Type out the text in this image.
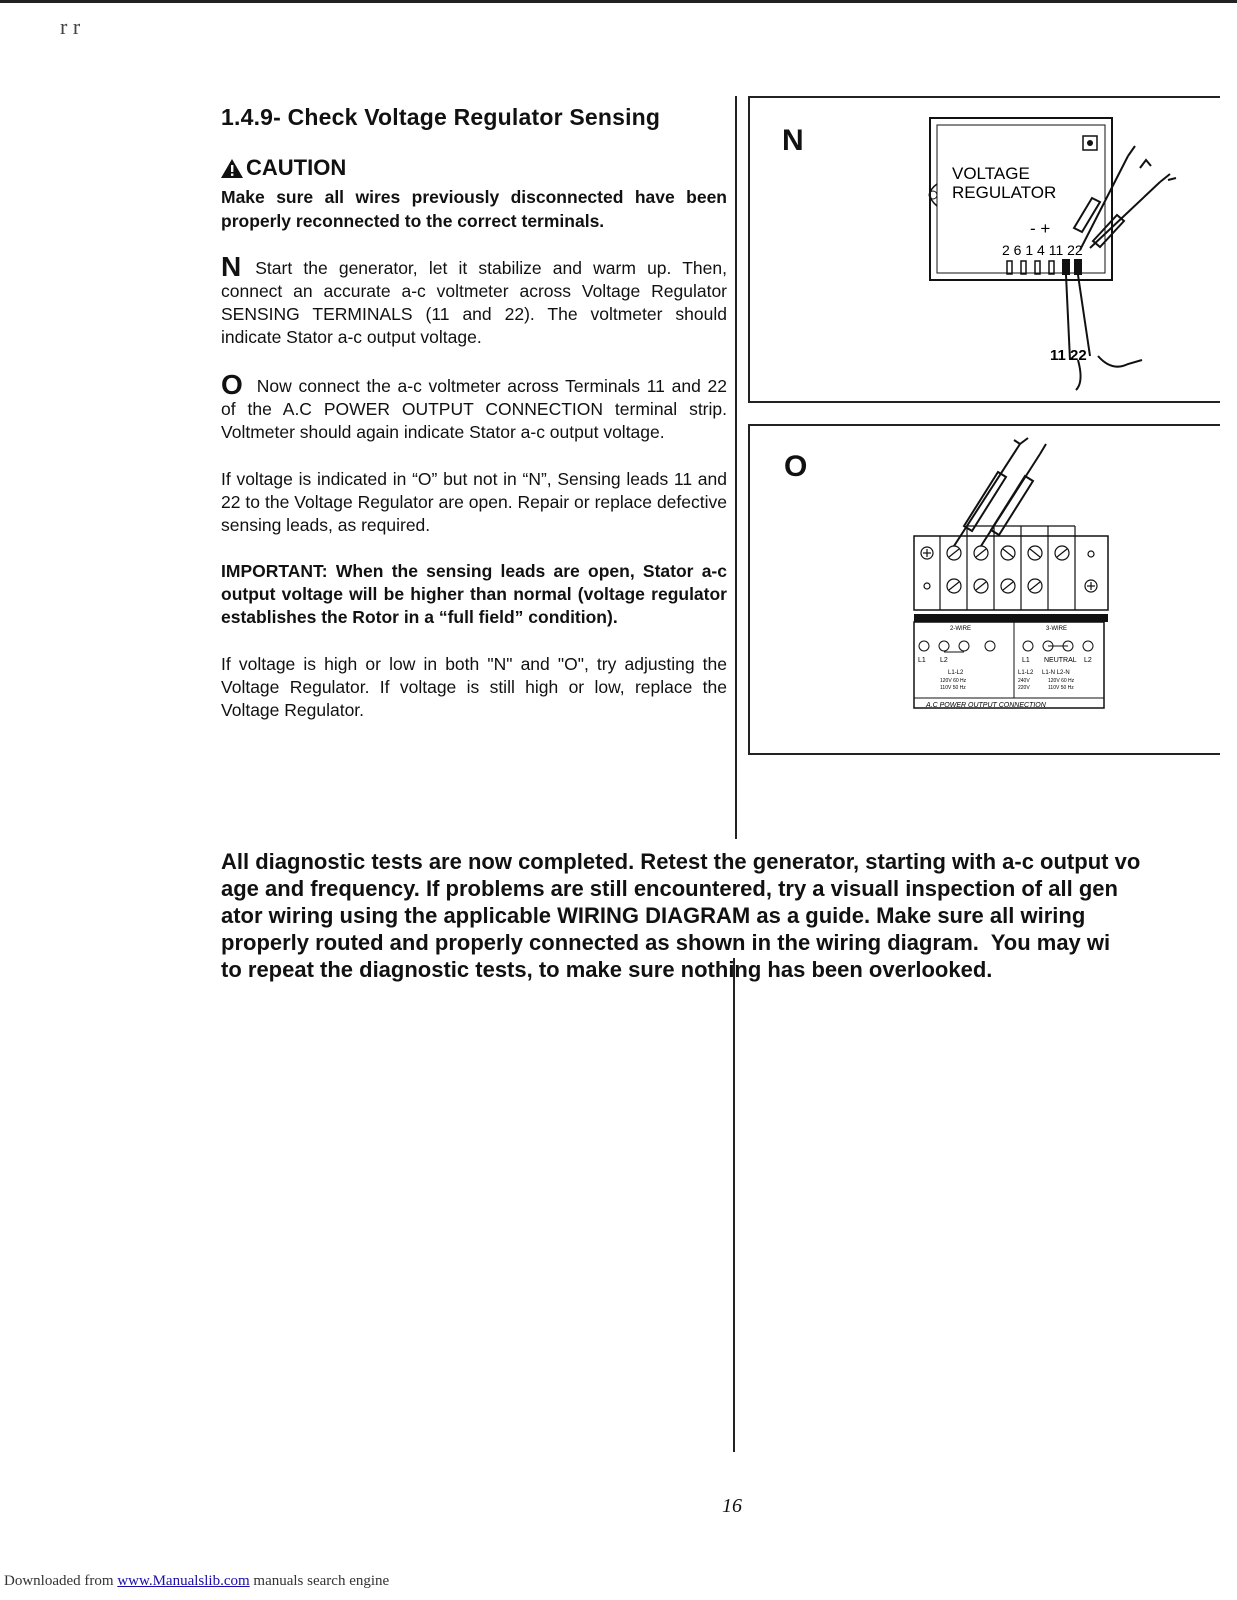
r r
1.4.9- Check Voltage Regulator Sensing
CAUTION

Make sure all wires previously disconnected have been properly reconnected to the correct terminals.

N Start the generator, let it stabilize and warm up. Then, connect an accurate a-c voltmeter across Voltage Regulator SENSING TERMINALS (11 and 22). The voltmeter should indicate Stator a-c output voltage.

O Now connect the a-c voltmeter across Terminals 11 and 22 of the A.C POWER OUTPUT CONNECTION terminal strip. Voltmeter should again indicate Stator a-c output voltage.

If voltage is indicated in “O” but not in “N”, Sensing leads 11 and 22 to the Voltage Regulator are open. Repair or replace defective sensing leads, as required.

IMPORTANT: When the sensing leads are open, Stator a-c output voltage will be higher than normal (voltage regulator establishes the Rotor in a “full field” condition).

If voltage is high or low in both "N" and "O", try adjusting the Voltage Regulator. If voltage is still high or low, replace the Voltage Regulator.

N
VOLTAGE
REGULATOR
- +
2 6 1 4 11 22
11 22
O
2-WIRE	3-WIRE
L1 L2	L1 NEUTRAL L2
L1-L2
120V 60 Hz
110V 50 Hz
L1-L2
240V
220V
L1-N L2-N
120V 60 Hz
110V 50 Hz
A.C POWER OUTPUT CONNECTION
All diagnostic tests are now completed. Retest the generator, starting with a-c output vo
age and frequency. If problems are still encountered, try a visuall inspection of all gen
ator wiring using the applicable WIRING DIAGRAM as a guide. Make sure all wiring
properly routed and properly connected as shown in the wiring diagram.  You may wi
to repeat the diagnostic tests, to make sure nothing has been overlooked.
16
Downloaded from www.Manualslib.com manuals search engine
